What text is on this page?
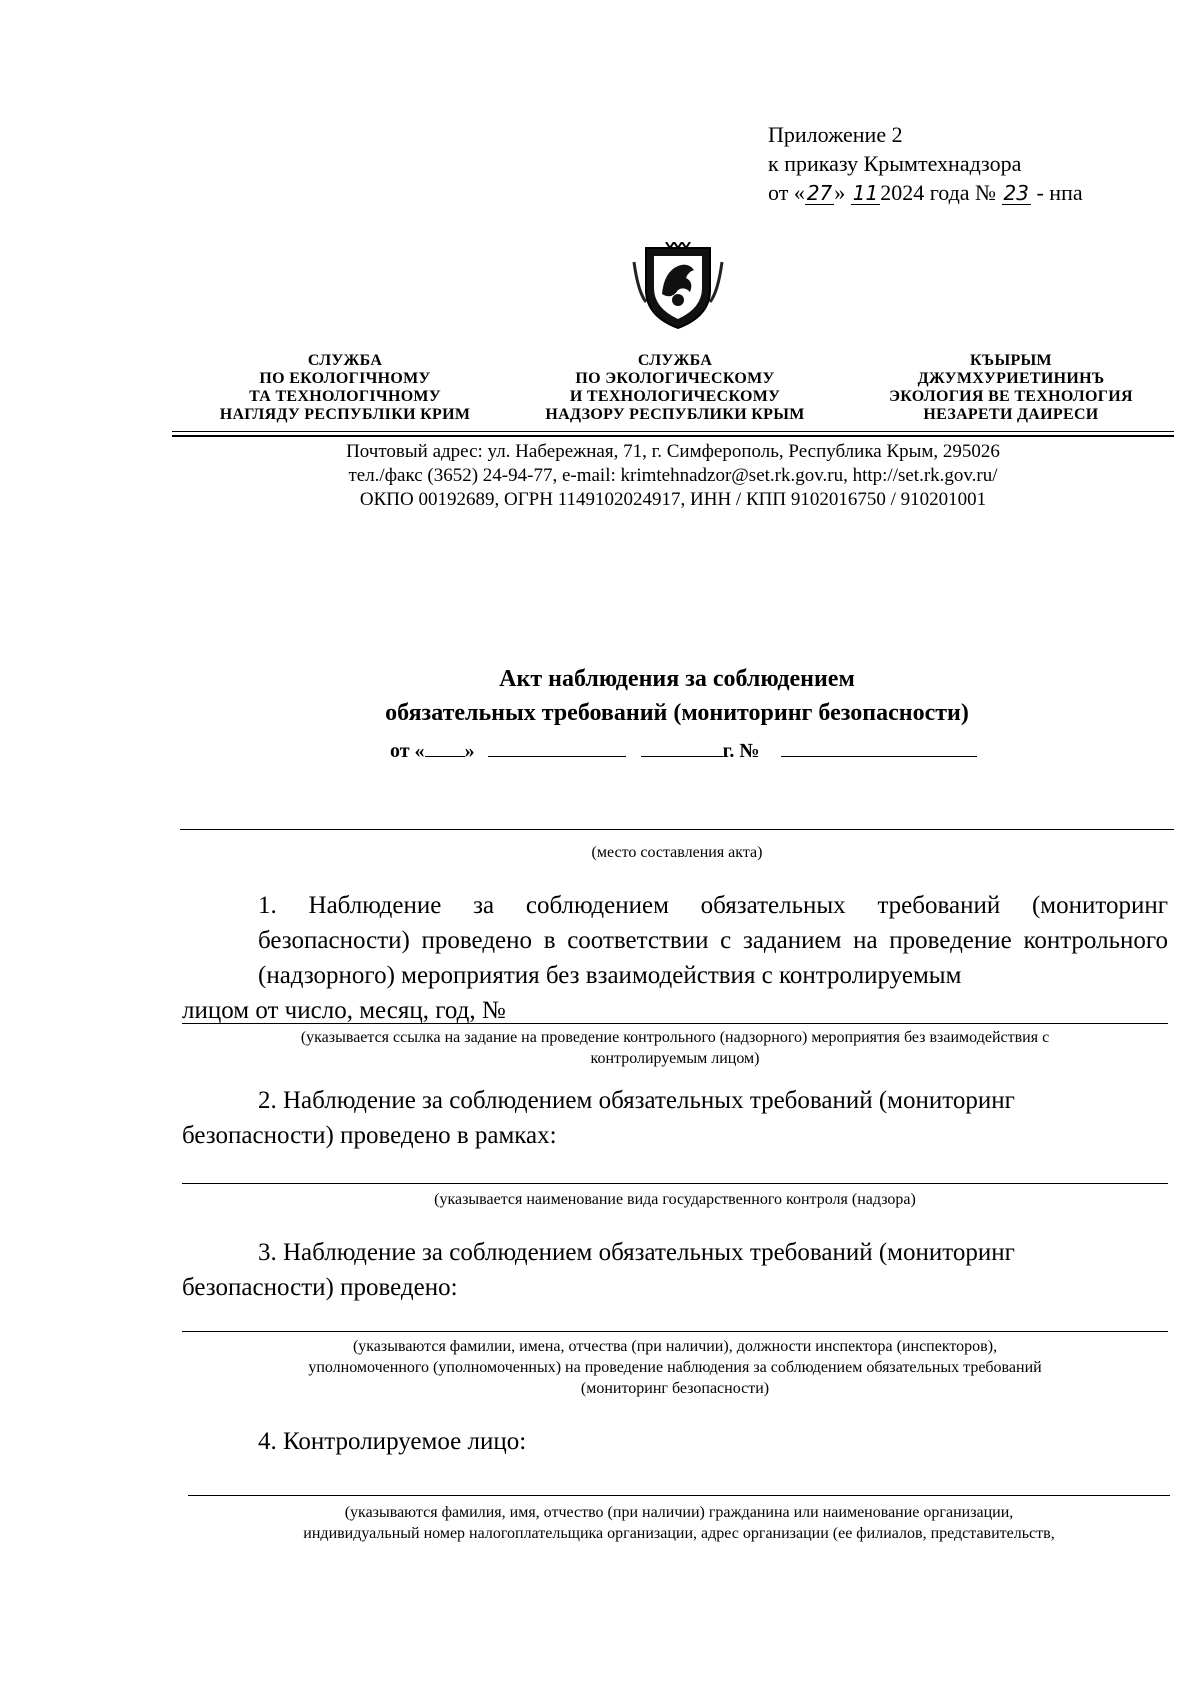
Приложение 2
к приказу Крымтехнадзора
от « 27» 112024 года № 23 - нпа
СЛУЖБА
ПО ЕКОЛОГІЧНОМУ
ТА ТЕХНОЛОГІЧНОМУ
НАГЛЯДУ РЕСПУБЛІКИ КРИМ
СЛУЖБА
ПО ЭКОЛОГИЧЕСКОМУ
И ТЕХНОЛОГИЧЕСКОМУ
НАДЗОРУ РЕСПУБЛИКИ КРЫМ
КЪЫРЫМ
ДЖУМХУРИЕТИНИНЪ
ЭКОЛОГИЯ ВЕ ТЕХНОЛОГИЯ
НЕЗАРЕТИ ДАИРЕСИ
Почтовый адрес: ул. Набережная, 71, г. Симферополь, Республика Крым, 295026
тел./факс (3652) 24-94-77, e-mail: krimtehnadzor@set.rk.gov.ru, http://set.rk.gov.ru/
ОКПО 00192689, ОГРН 1149102024917, ИНН / КПП 9102016750 / 910201001
Акт наблюдения за соблюдением
обязательных требований (мониторинг безопасности)
от « »	г. №
(место составления акта)
1. Наблюдение за соблюдением обязательных требований (мониторинг безопасности) проведено в соответствии с заданием на проведение контрольного (надзорного) мероприятия без взаимодействия с контролируемым
лицом от число, месяц, год, №
(указывается ссылка на задание на проведение контрольного (надзорного) мероприятия без взаимодействия с
контролируемым лицом)
2. Наблюдение за соблюдением обязательных требований (мониторинг
безопасности) проведено в рамках:
(указывается наименование вида государственного контроля (надзора)
3. Наблюдение за соблюдением обязательных требований (мониторинг
безопасности) проведено:
(указываются фамилии, имена, отчества (при наличии), должности инспектора (инспекторов),
уполномоченного (уполномоченных) на проведение наблюдения за соблюдением обязательных требований
(мониторинг безопасности)
4. Контролируемое лицо:
(указываются фамилия, имя, отчество (при наличии) гражданина или наименование организации,
индивидуальный номер налогоплательщика организации, адрес организации (ее филиалов, представительств,
